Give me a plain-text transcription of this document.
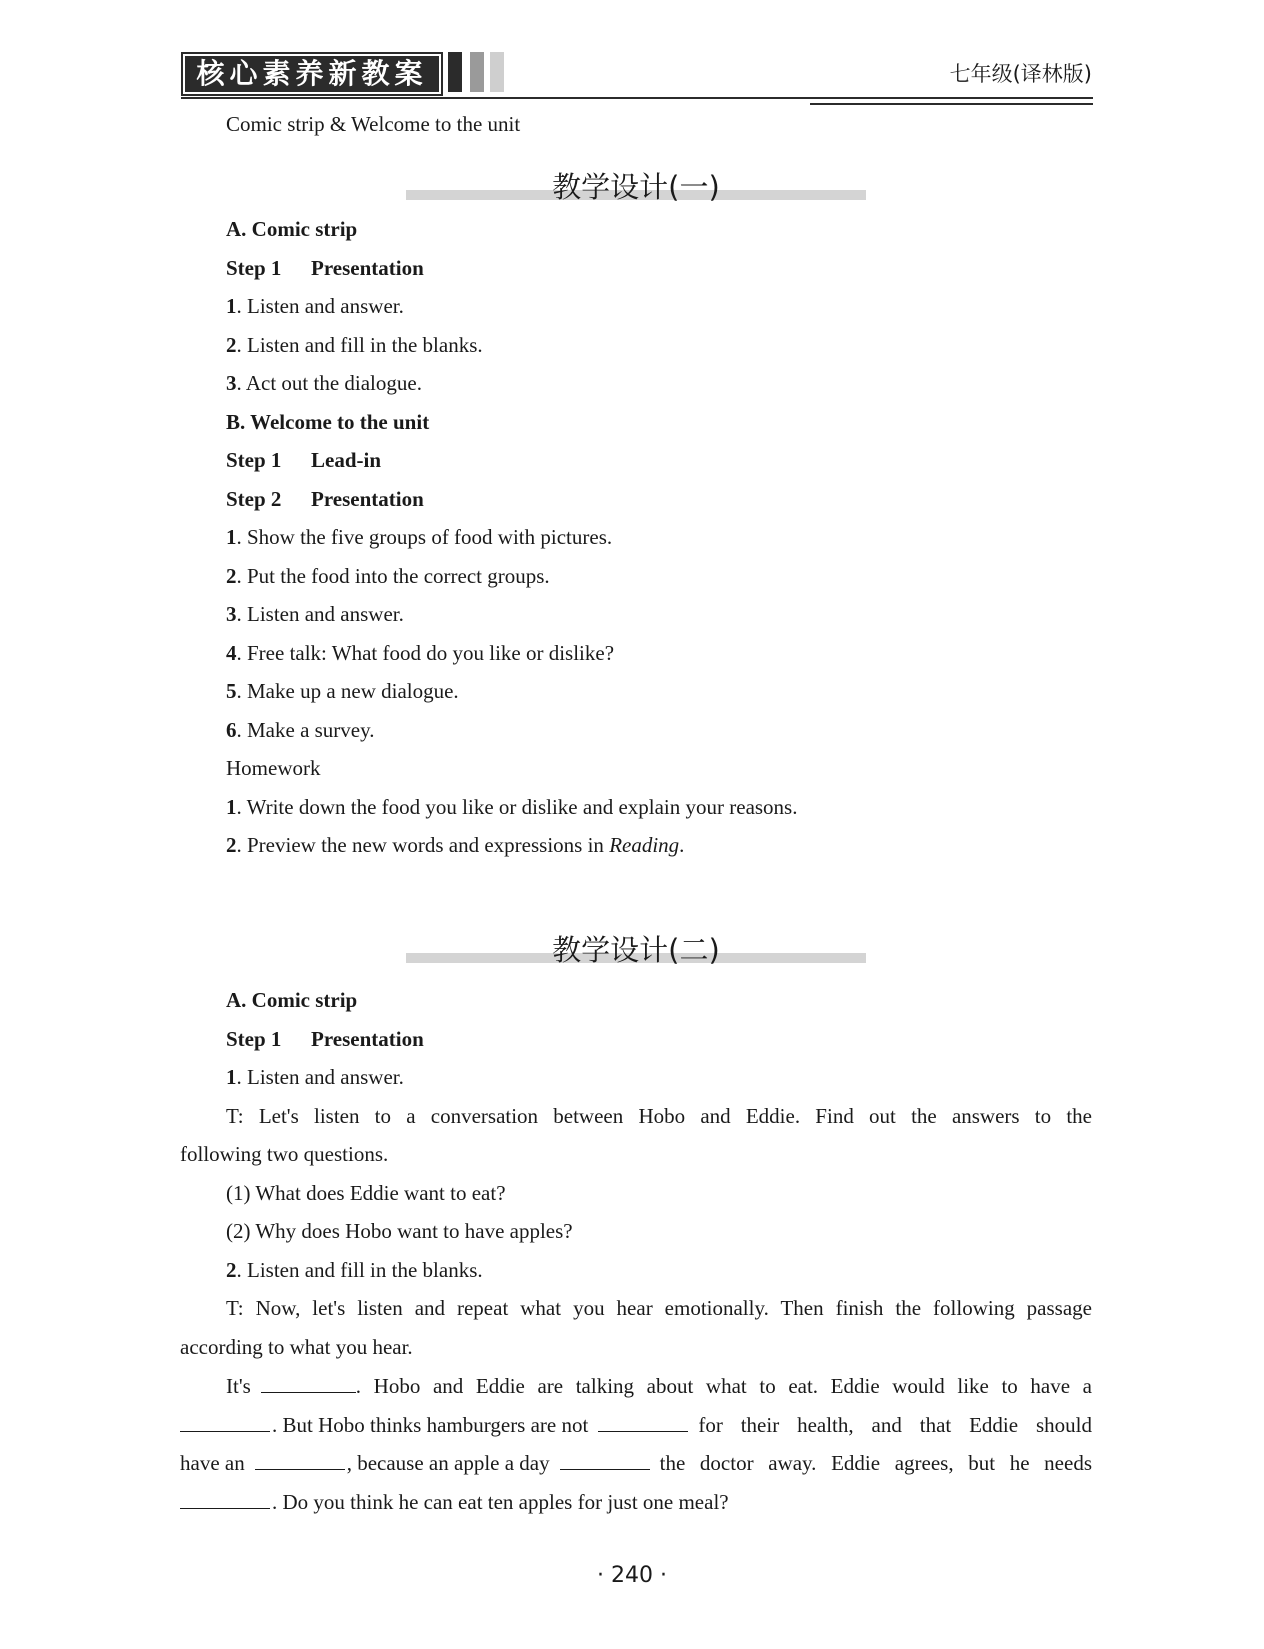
核心素养新教案	七年级(译林版)
Comic strip & Welcome to the unit
教学设计(一)
A. Comic strip
Step 1 Presentation
1. Listen and answer.
2. Listen and fill in the blanks.
3. Act out the dialogue.
B. Welcome to the unit
Step 1 Lead-in
Step 2 Presentation
1. Show the five groups of food with pictures.
2. Put the food into the correct groups.
3. Listen and answer.
4. Free talk: What food do you like or dislike?
5. Make up a new dialogue.
6. Make a survey.
Homework
1. Write down the food you like or dislike and explain your reasons.
2. Preview the new words and expressions in Reading.
教学设计(二)
A. Comic strip
Step 1 Presentation
1. Listen and answer.
T: Let's listen to a conversation between Hobo and Eddie. Find out the answers to the
following two questions.
(1) What does Eddie want to eat?
(2) Why does Hobo want to have apples?
2. Listen and fill in the blanks.
T: Now, let's listen and repeat what you hear emotionally. Then finish the following passage
according to what you hear.
It's	. Hobo and Eddie are talking about what to eat. Eddie would like to have a
. But Hobo thinks hamburgers are not	for their health, and that Eddie should
have an	, because an apple a day	the doctor away. Eddie agrees, but he needs
. Do you think he can eat ten apples for just one meal?
· 240 ·
